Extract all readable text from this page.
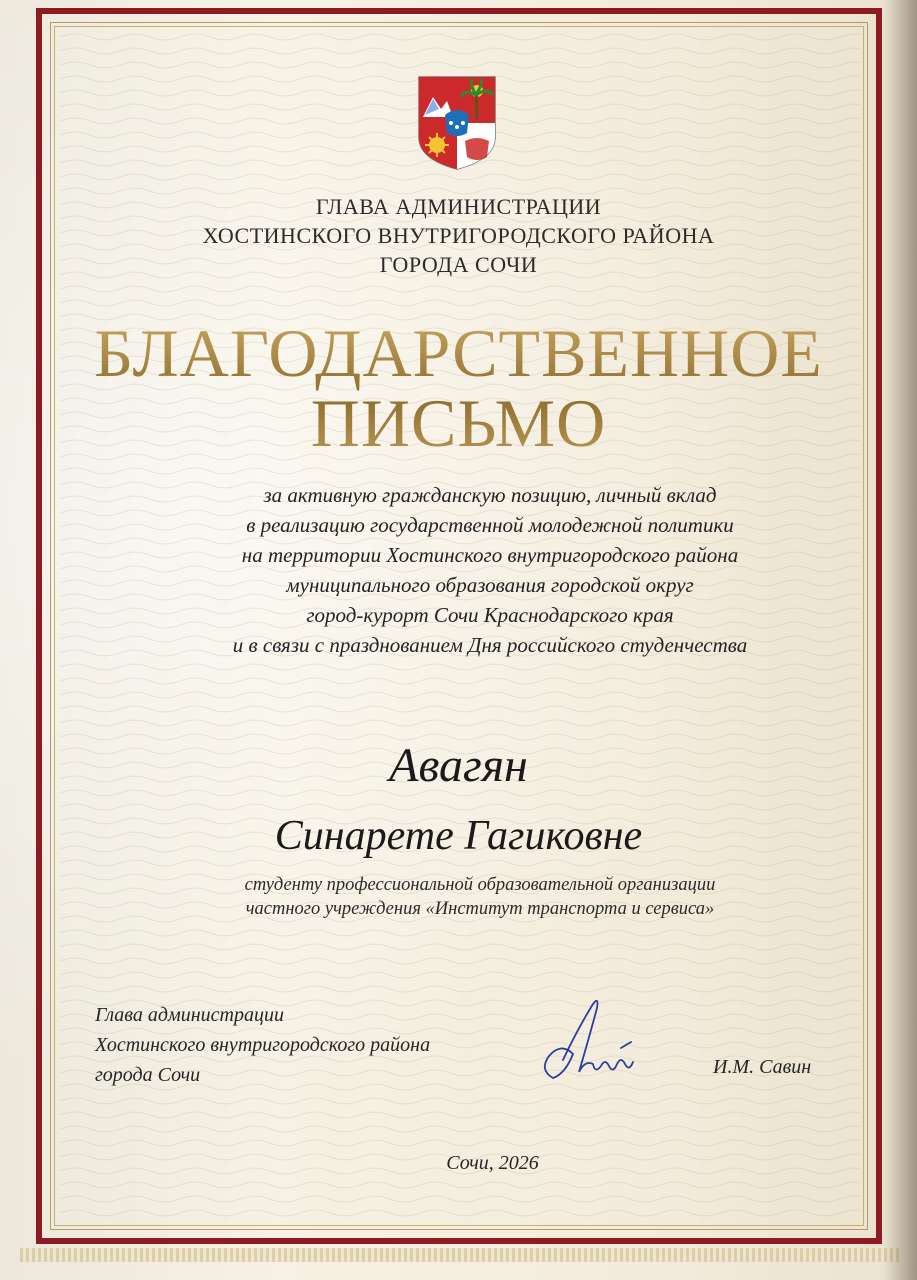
ГЛАВА АДМИНИСТРАЦИИ
ХОСТИНСКОГО ВНУТРИГОРОДСКОГО РАЙОНА
ГОРОДА СОЧИ
БЛАГОДАРСТВЕННОЕ
ПИСЬМО
за активную гражданскую позицию, личный вклад
в реализацию государственной молодежной политики
на территории Хостинского внутригородского района
муниципального образования городской округ
город-курорт Сочи Краснодарского края
и в связи с празднованием Дня российского студенчества
Авагян
Синарете Гагиковне
студенту профессиональной образовательной организации
частного учреждения «Институт транспорта и сервиса»
Глава администрации
Хостинского внутригородского района
города Сочи	И.М. Савин
Сочи, 2026
